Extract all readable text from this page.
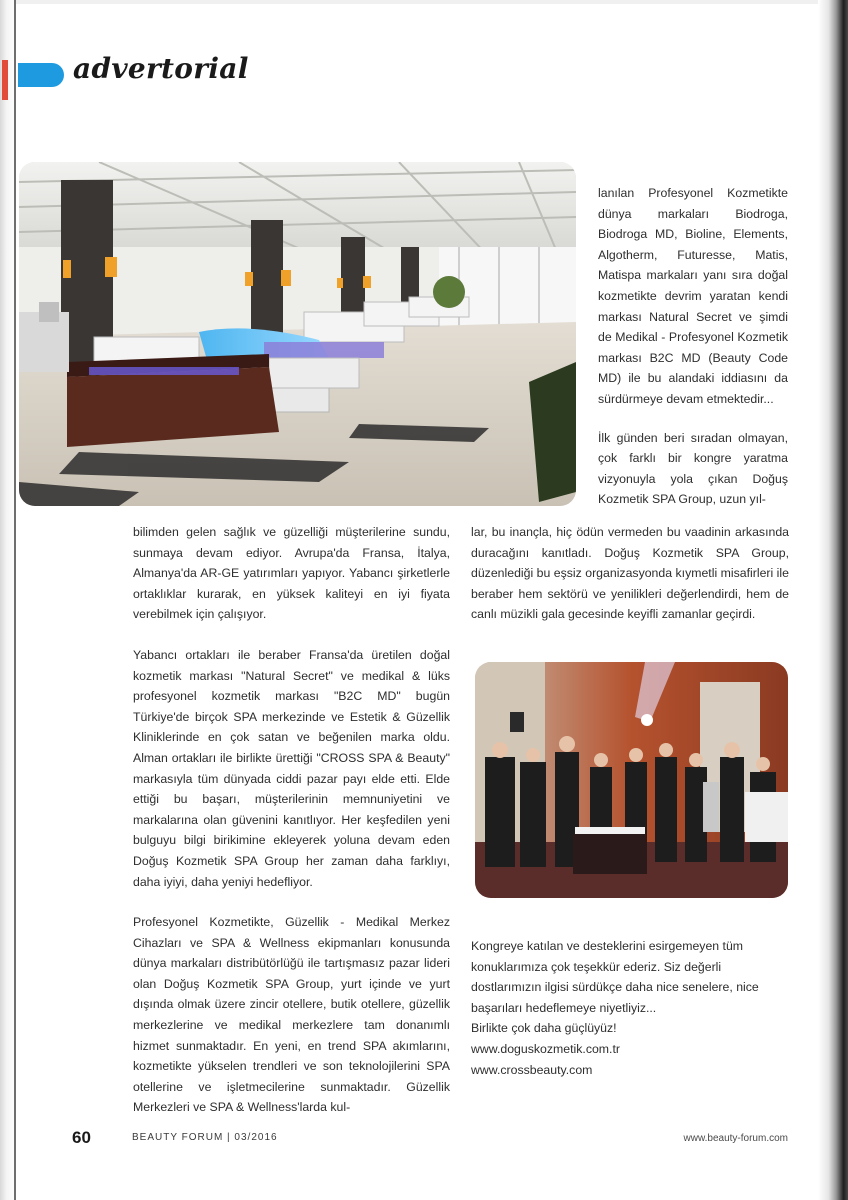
advertorial

lanılan Profesyonel Kozmetikte dünya markaları Biodroga, Biodroga MD, Bioline, Elements, Algotherm, Futuresse, Matis, Matispa markaları yanı sıra doğal kozmetikte devrim yaratan kendi markası Natural Secret ve şimdi de Medikal - Profesyonel Kozmetik markası B2C MD (Beauty Code MD) ile bu alandaki iddiasını da sürdürmeye devam etmektedir...

İlk günden beri sıradan olmayan, çok farklı bir kongre yaratma vizyonuyla yola çıkan Doğuş Kozmetik SPA Group, uzun yıl-

bilimden gelen sağlık ve güzelliği müşterilerine sundu, sunmaya devam ediyor. Avrupa'da Fransa, İtalya, Almanya'da AR-GE yatırımları yapıyor. Yabancı şirketlerle ortaklıklar kurarak, en yüksek kaliteyi en iyi fiyata verebilmek için çalışıyor.

Yabancı ortakları ile beraber Fransa'da üretilen doğal kozmetik markası "Natural Secret" ve medikal & lüks profesyonel kozmetik markası "B2C MD" bugün Türkiye'de birçok SPA merkezinde ve Estetik & Güzellik Kliniklerinde en çok satan ve beğenilen marka oldu. Alman ortakları ile birlikte ürettiği "CROSS SPA & Beauty" markasıyla tüm dünyada ciddi pazar payı elde etti. Elde ettiği bu başarı, müşterilerinin memnuniyetini ve markalarına olan güvenini kanıtlıyor. Her keşfedilen yeni bulguyu bilgi birikimine ekleyerek yoluna devam eden Doğuş Kozmetik SPA Group her zaman daha farklıyı, daha iyiyi, daha yeniyi hedefliyor.

Profesyonel Kozmetikte, Güzellik - Medikal Merkez Cihazları ve SPA & Wellness ekipmanları konusunda dünya markaları distribütörlüğü ile tartışmasız pazar lideri olan Doğuş Kozmetik SPA Group, yurt içinde ve yurt dışında olmak üzere zincir otellere, butik otellere, güzellik merkezlerine ve medikal merkezlere tam donanımlı hizmet sunmaktadır. En yeni, en trend SPA akımlarını, kozmetikte yükselen trendleri ve son teknolojilerini SPA otellerine ve işletmecilerine sunmaktadır. Güzellik Merkezleri ve SPA & Wellness'larda kul-

lar, bu inançla, hiç ödün vermeden bu vaadinin arkasında duracağını kanıtladı. Doğuş Kozmetik SPA Group, düzenlediği bu eşsiz organizasyonda kıymetli misafirleri ile beraber hem sektörü ve yenilikleri değerlendirdi, hem de canlı müzikli gala gecesinde keyifli zamanlar geçirdi.

Kongreye katılan ve desteklerini esirgemeyen tüm konuklarımıza çok teşekkür ederiz. Siz değerli dostlarımızın ilgisi sürdükçe daha nice senelere, nice başarıları hedeflemeye niyetliyiz...

Birlikte çok daha güçlüyüz!

www.doguskozmetik.com.tr

www.crossbeauty.com

60	BEAUTY FORUM | 03/2016	www.beauty-forum.com
